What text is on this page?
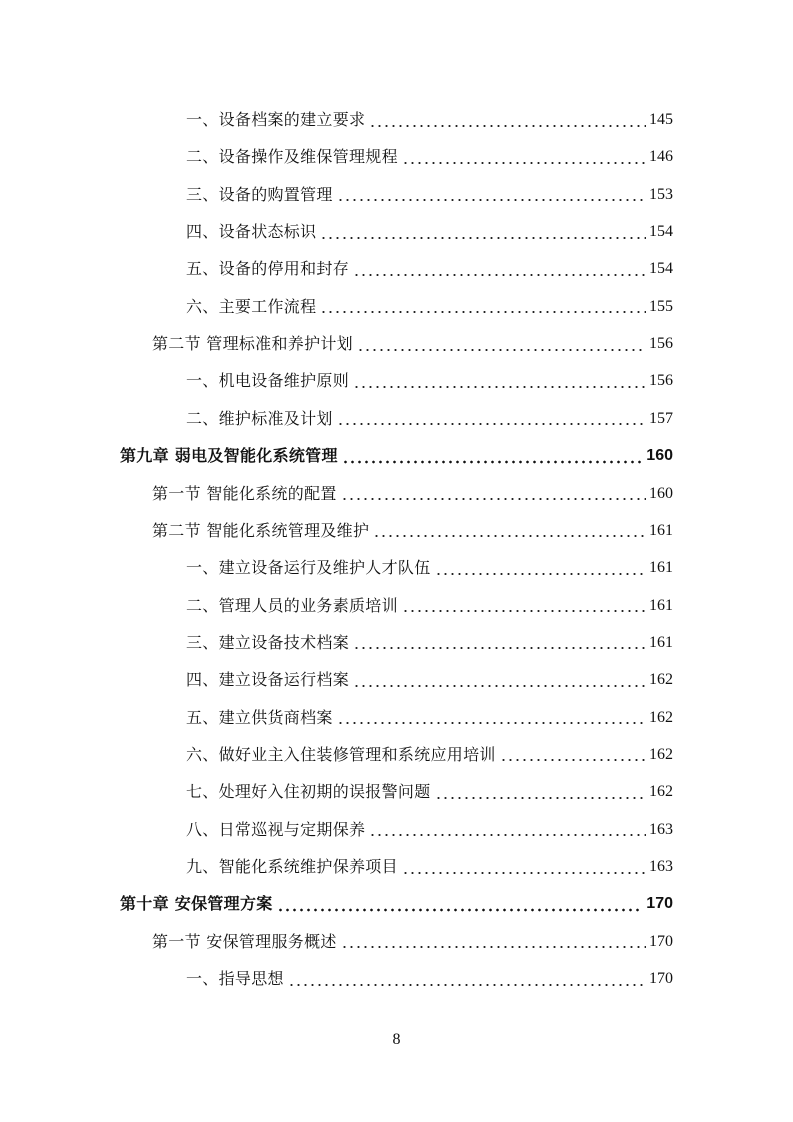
一、设备档案的建立要求	145
二、设备操作及维保管理规程	146
三、设备的购置管理	153
四、设备状态标识	154
五、设备的停用和封存	154
六、主要工作流程	155
第二节 管理标准和养护计划	156
一、机电设备维护原则	156
二、维护标准及计划	157
第九章 弱电及智能化系统管理	160
第一节 智能化系统的配置	160
第二节 智能化系统管理及维护	161
一、建立设备运行及维护人才队伍	161
二、管理人员的业务素质培训	161
三、建立设备技术档案	161
四、建立设备运行档案	162
五、建立供货商档案	162
六、做好业主入住装修管理和系统应用培训	162
七、处理好入住初期的误报警问题	162
八、日常巡视与定期保养	163
九、智能化系统维护保养项目	163
第十章 安保管理方案	170
第一节 安保管理服务概述	170
一、指导思想	170
8
